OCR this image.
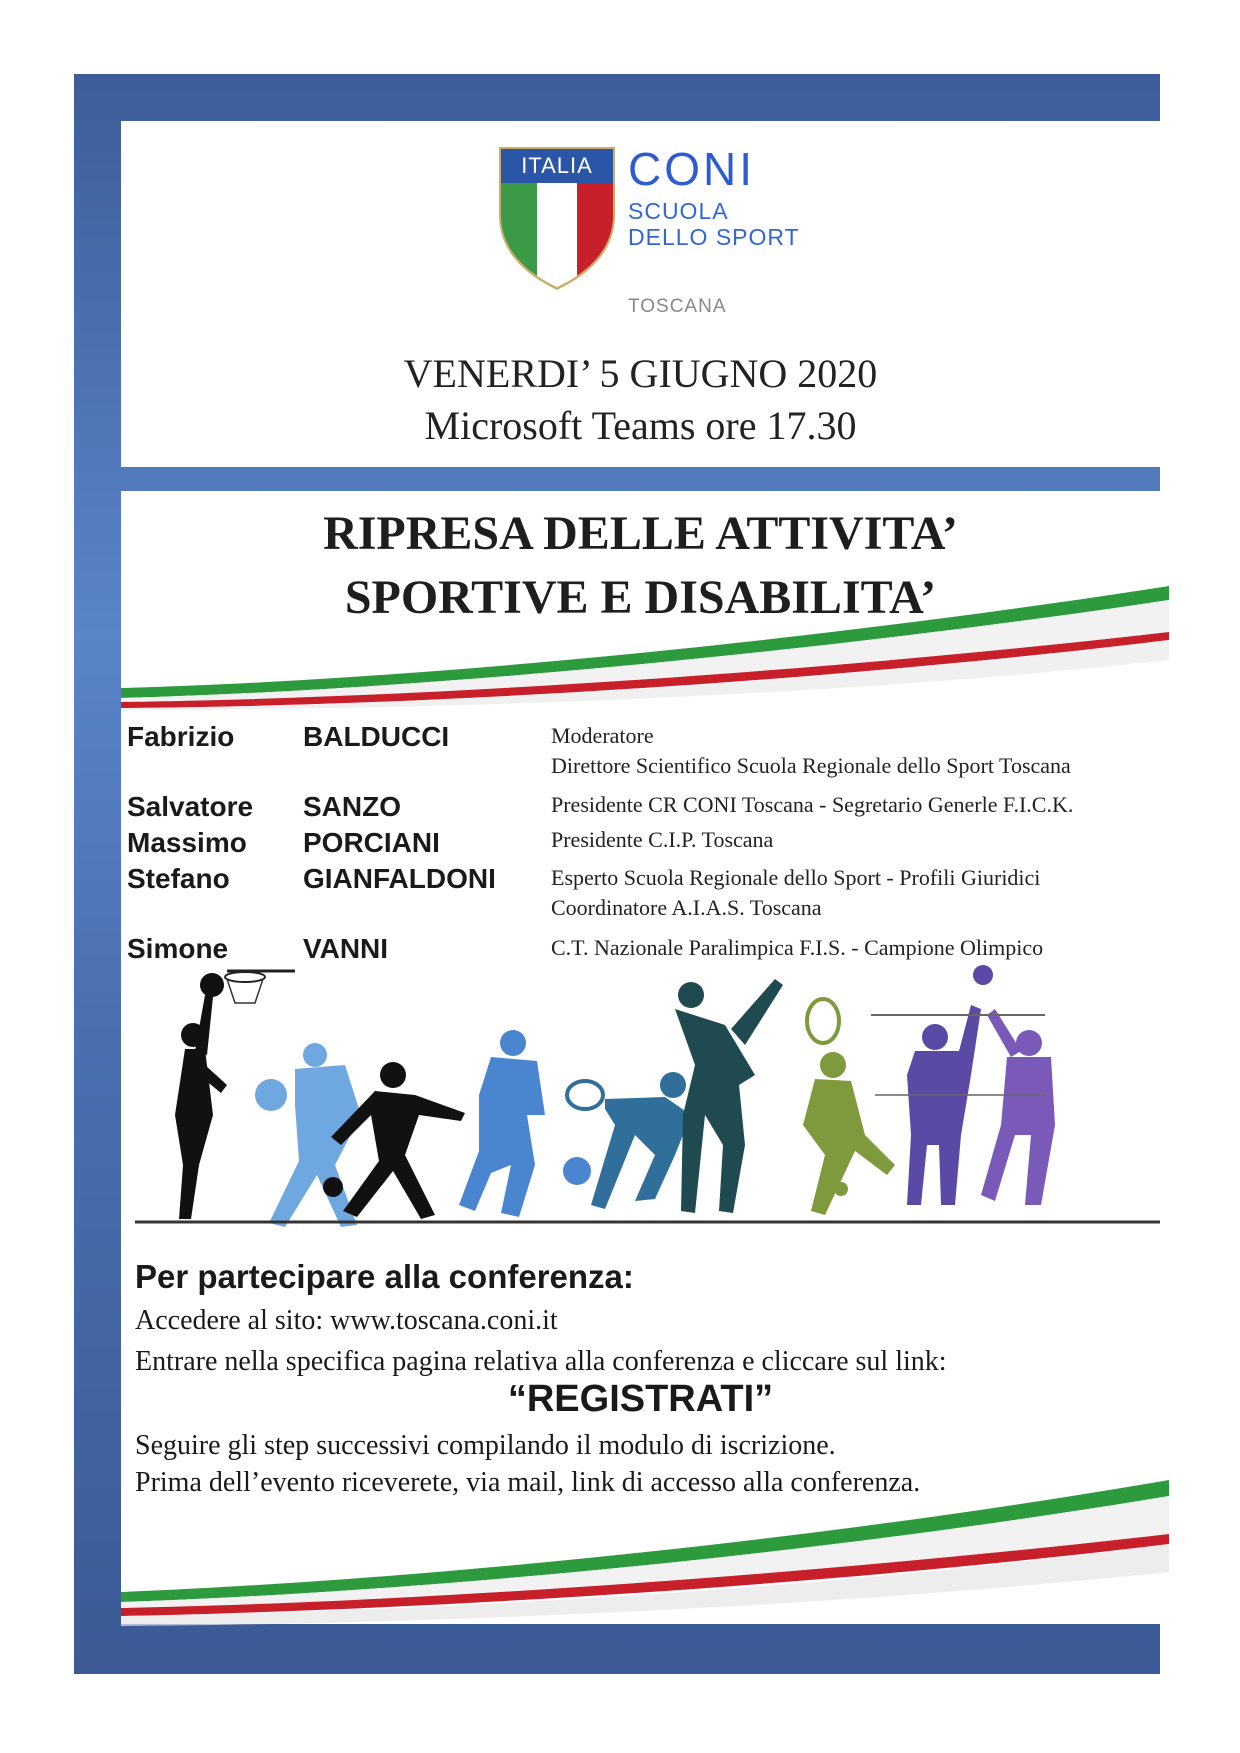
ITALIA CONI
SCUOLA
DELLO SPORT
TOSCANA
VENERDI’ 5 GIUGNO 2020
Microsoft Teams ore 17.30
RIPRESA DELLE ATTIVITA’
SPORTIVE E DISABILITA’
Fabrizio BALDUCCI	Moderatore
Direttore Scientifico Scuola Regionale dello Sport Toscana
Salvatore SANZO	Presidente CR CONI Toscana - Segretario Generle F.I.C.K.
Massimo PORCIANI	Presidente C.I.P. Toscana
Stefano	GIANFALDONI	Esperto Scuola Regionale dello Sport - Profili Giuridici
Coordinatore A.I.A.S. Toscana
Simone	VANNI	C.T. Nazionale Paralimpica F.I.S. - Campione Olimpico
Per partecipare alla conferenza:
Accedere al sito: www.toscana.coni.it
Entrare nella specifica pagina relativa alla conferenza e cliccare sul link:
“REGISTRATI”
Seguire gli step successivi compilando il modulo di iscrizione.
Prima dell’evento riceverete, via mail, link di accesso alla conferenza.
